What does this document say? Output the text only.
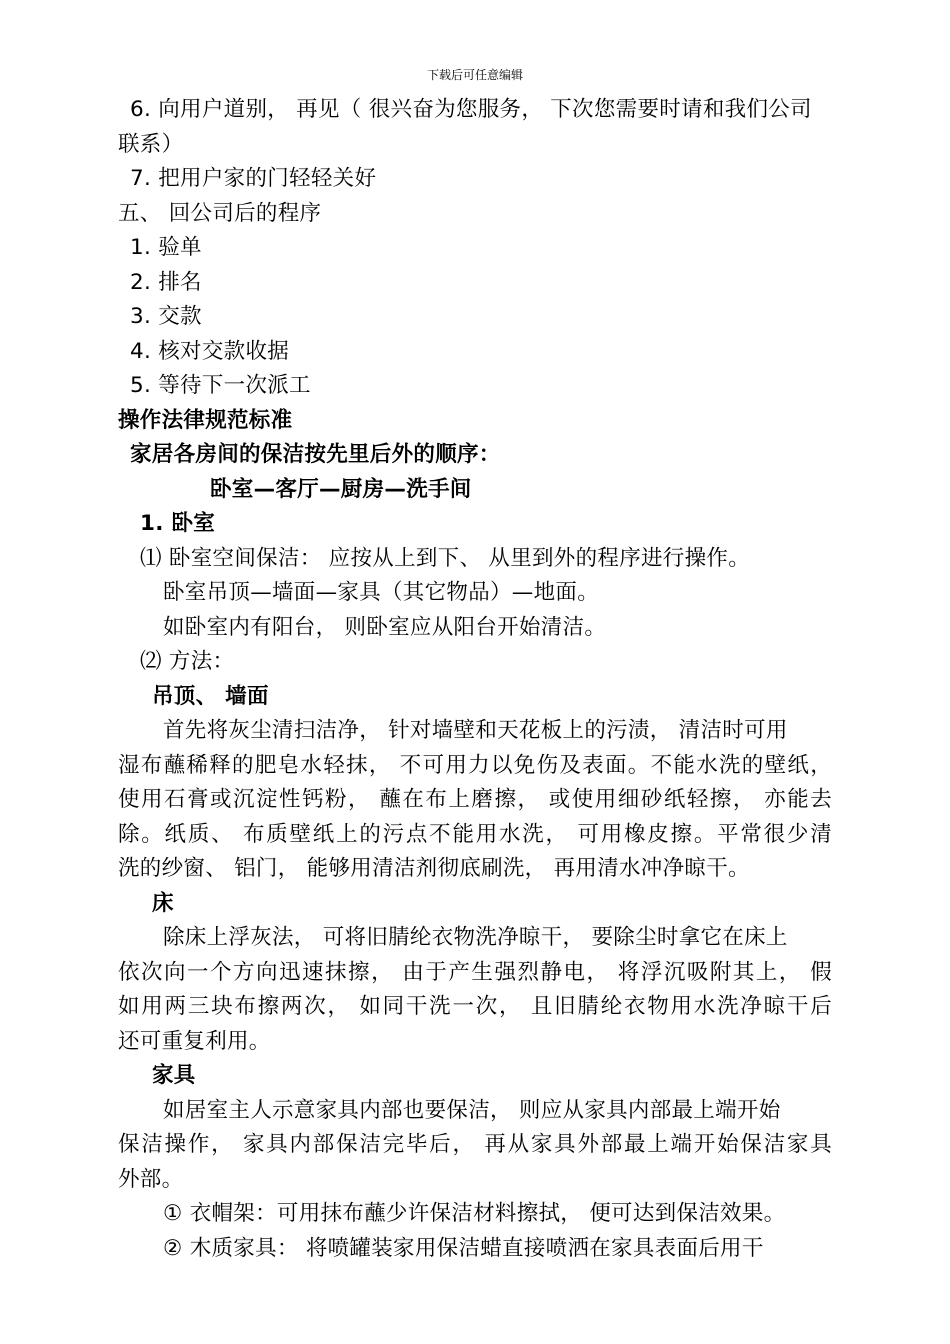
下载后可任意编辑
6. 向用户道别， 再见（ 很兴奋为您服务， 下次您需要时请和我们公司
联系）
7. 把用户家的门轻轻关好
五、 回公司后的程序
1. 验单
2. 排名
3. 交款
4. 核对交款收据
5. 等待下一次派工
操作法律规范标准
家居各房间的保洁按先里后外的顺序：
卧室—客厅—厨房—洗手间
1. 卧室
⑴ 卧室空间保洁： 应按从上到下、 从里到外的程序进行操作。
卧室吊顶—墙面—家具（其它物品）—地面。
如卧室内有阳台， 则卧室应从阳台开始清洁。
⑵ 方法：
吊顶、 墙面
首先将灰尘清扫洁净， 针对墙壁和天花板上的污渍， 清洁时可用
湿布蘸稀释的肥皂水轻抹， 不可用力以免伤及表面。不能水洗的壁纸，
使用石膏或沉淀性钙粉， 蘸在布上磨擦， 或使用细砂纸轻擦， 亦能去
除。纸质、 布质壁纸上的污点不能用水洗， 可用橡皮擦。平常很少清
洗的纱窗、 铝门， 能够用清洁剂彻底刷洗， 再用清水冲净晾干。
床
除床上浮灰法， 可将旧腈纶衣物洗净晾干， 要除尘时拿它在床上
依次向一个方向迅速抹擦， 由于产生强烈静电， 将浮沉吸附其上， 假
如用两三块布擦两次， 如同干洗一次， 且旧腈纶衣物用水洗净晾干后
还可重复利用。
家具
如居室主人示意家具内部也要保洁， 则应从家具内部最上端开始
保洁操作， 家具内部保洁完毕后， 再从家具外部最上端开始保洁家具
外部。
① 衣帽架：可用抹布蘸少许保洁材料擦拭， 便可达到保洁效果。
② 木质家具： 将喷罐装家用保洁蜡直接喷洒在家具表面后用干
